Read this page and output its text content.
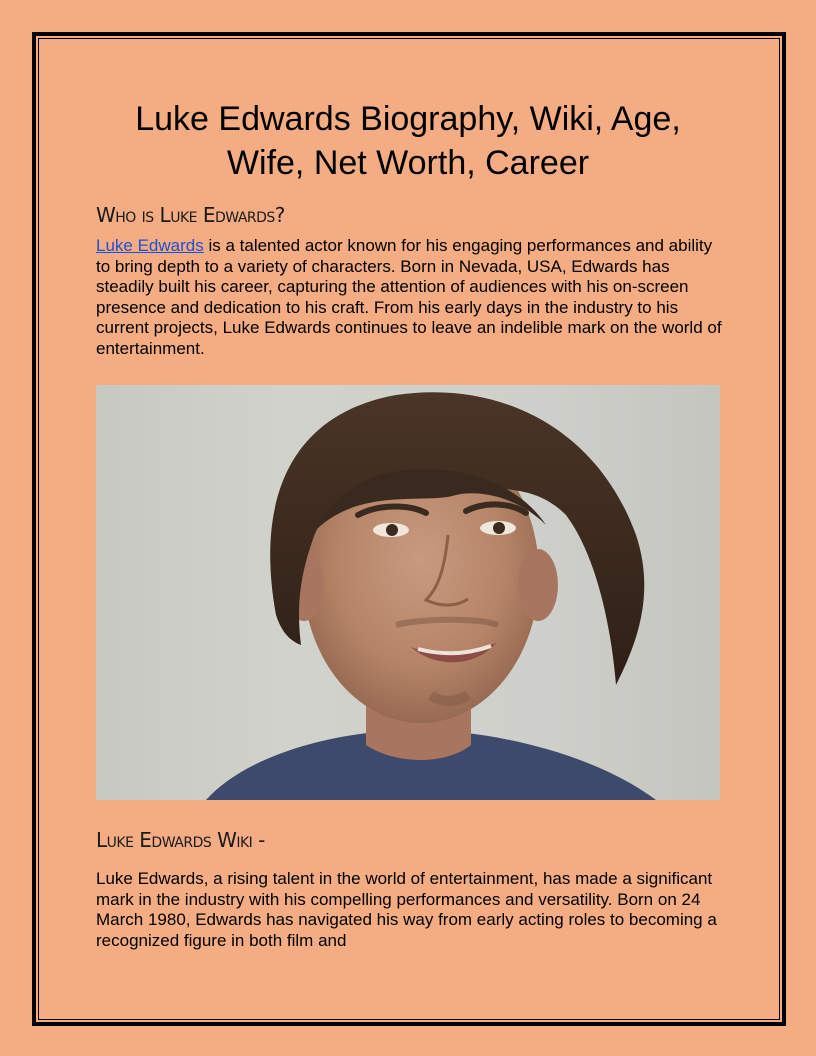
Luke Edwards Biography, Wiki, Age, Wife, Net Worth, Career
Who is Luke Edwards?

Luke Edwards is a talented actor known for his engaging performances and ability to bring depth to a variety of characters. Born in Nevada, USA, Edwards has steadily built his career, capturing the attention of audiences with his on-screen presence and dedication to his craft. From his early days in the industry to his current projects, Luke Edwards continues to leave an indelible mark on the world of entertainment.

Luke Edwards Wiki -

Luke Edwards, a rising talent in the world of entertainment, has made a significant mark in the industry with his compelling performances and versatility. Born on 24 March 1980, Edwards has navigated his way from early acting roles to becoming a recognized figure in both film and
